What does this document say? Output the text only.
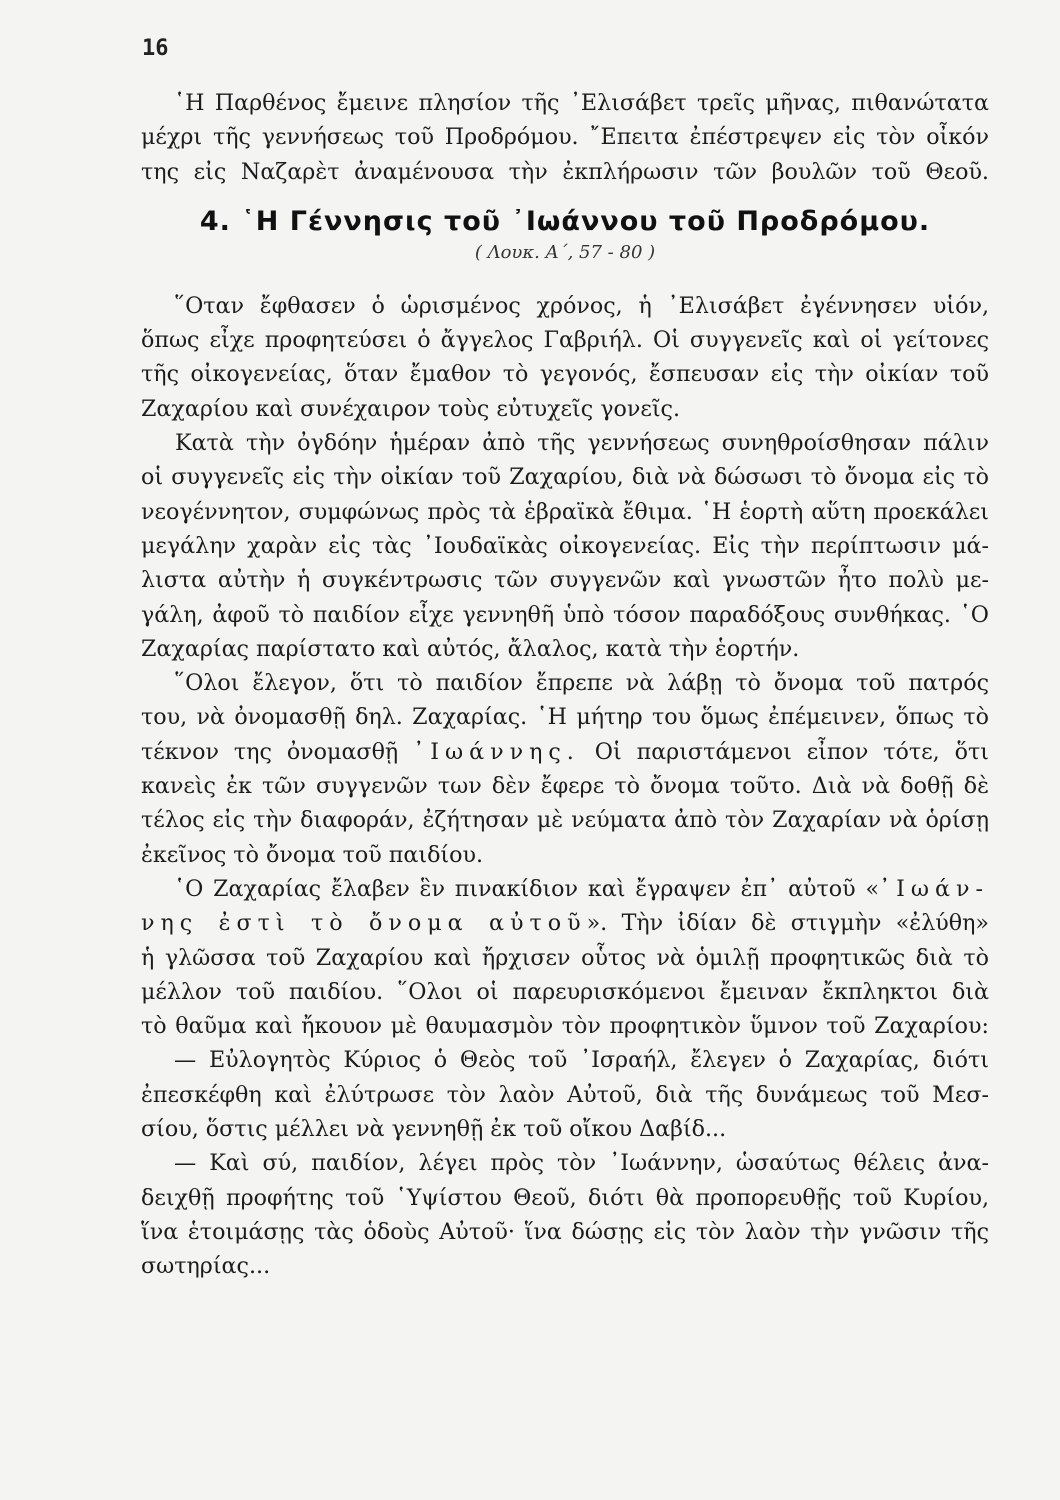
16

῾Η Παρθένος ἔμεινε πλησίον τῆς ᾿Ελισάβετ τρεῖς μῆνας, πιθανώτατα

μέχρι τῆς γεννήσεως τοῦ Προδρόμου. ῎Επειτα ἐπέστρεψεν εἰς τὸν οἶκόν

της εἰς Ναζαρὲτ ἀναμένουσα τὴν ἐκπλήρωσιν τῶν βουλῶν τοῦ Θεοῦ.

4. ῾Η Γέννησις τοῦ ᾿Ιωάννου τοῦ Προδρόμου.
( Λουκ. Α΄, 57 - 80 )

῞Οταν ἔφθασεν ὁ ὡρισμένος χρόνος, ἡ ᾿Ελισάβετ ἐγέννησεν υἱόν,

ὅπως εἶχε προφητεύσει ὁ ἄγγελος Γαβριήλ. Οἱ συγγενεῖς καὶ οἱ γείτονες

τῆς οἰκογενείας, ὅταν ἔμαθον τὸ γεγονός, ἔσπευσαν εἰς τὴν οἰκίαν τοῦ

Ζαχαρίου καὶ συνέχαιρον τοὺς εὐτυχεῖς γονεῖς.

Κατὰ τὴν ὀγδόην ἡμέραν ἀπὸ τῆς γεννήσεως συνηθροίσθησαν πάλιν

οἱ συγγενεῖς εἰς τὴν οἰκίαν τοῦ Ζαχαρίου, διὰ νὰ δώσωσι τὸ ὄνομα εἰς τὸ

νεογέννητον, συμφώνως πρὸς τὰ ἑβραϊκὰ ἔθιμα. ῾Η ἑορτὴ αὕτη προεκάλει

μεγάλην χαρὰν εἰς τὰς ᾿Ιουδαϊκὰς οἰκογενείας. Εἰς τὴν περίπτωσιν μά-

λιστα αὐτὴν ἡ συγκέντρωσις τῶν συγγενῶν καὶ γνωστῶν ἦτο πολὺ με-

γάλη, ἀφοῦ τὸ παιδίον εἶχε γεννηθῆ ὑπὸ τόσον παραδόξους συνθήκας. ῾Ο

Ζαχαρίας παρίστατο καὶ αὐτός, ἄλαλος, κατὰ τὴν ἑορτήν.

῞Ολοι ἔλεγον, ὅτι τὸ παιδίον ἔπρεπε νὰ λάβῃ τὸ ὄνομα τοῦ πατρός

του, νὰ ὀνομασθῇ δηλ. Ζαχαρίας. ῾Η μήτηρ του ὅμως ἐπέμεινεν, ὅπως τὸ

τέκνον της ὀνομασθῇ ᾿Ιωάννης. Οἱ παριστάμενοι εἶπον τότε, ὅτι

κανεὶς ἐκ τῶν συγγενῶν των δὲν ἔφερε τὸ ὄνομα τοῦτο. Διὰ νὰ δοθῇ δὲ

τέλος εἰς τὴν διαφοράν, ἐζήτησαν μὲ νεύματα ἀπὸ τὸν Ζαχαρίαν νὰ ὁρίσῃ

ἐκεῖνος τὸ ὄνομα τοῦ παιδίου.

῾Ο Ζαχαρίας ἔλαβεν ἓν πινακίδιον καὶ ἔγραψεν ἐπ᾿ αὐτοῦ «᾿Ιωάν-

νης ἐστὶ τὸ ὄνομα αὐτοῦ». Τὴν ἰδίαν δὲ στιγμὴν «ἐλύθη»

ἡ γλῶσσα τοῦ Ζαχαρίου καὶ ἤρχισεν οὗτος νὰ ὁμιλῇ προφητικῶς διὰ τὸ

μέλλον τοῦ παιδίου. ῞Ολοι οἱ παρευρισκόμενοι ἔμειναν ἔκπληκτοι διὰ

τὸ θαῦμα καὶ ἤκουον μὲ θαυμασμὸν τὸν προφητικὸν ὕμνον τοῦ Ζαχαρίου:

— Εὐλογητὸς Κύριος ὁ Θεὸς τοῦ ᾿Ισραήλ, ἔλεγεν ὁ Ζαχαρίας, διότι

ἐπεσκέφθη καὶ ἐλύτρωσε τὸν λαὸν Αὐτοῦ, διὰ τῆς δυνάμεως τοῦ Μεσ-

σίου, ὅστις μέλλει νὰ γεννηθῇ ἐκ τοῦ οἴκου Δαβίδ...

— Καὶ σύ, παιδίον, λέγει πρὸς τὸν ᾿Ιωάννην, ὡσαύτως θέλεις ἀνα-

δειχθῇ προφήτης τοῦ ῾Υψίστου Θεοῦ, διότι θὰ προπορευθῇς τοῦ Κυρίου,

ἵνα ἑτοιμάσῃς τὰς ὁδοὺς Αὐτοῦ· ἵνα δώσῃς εἰς τὸν λαὸν τὴν γνῶσιν τῆς

σωτηρίας...
